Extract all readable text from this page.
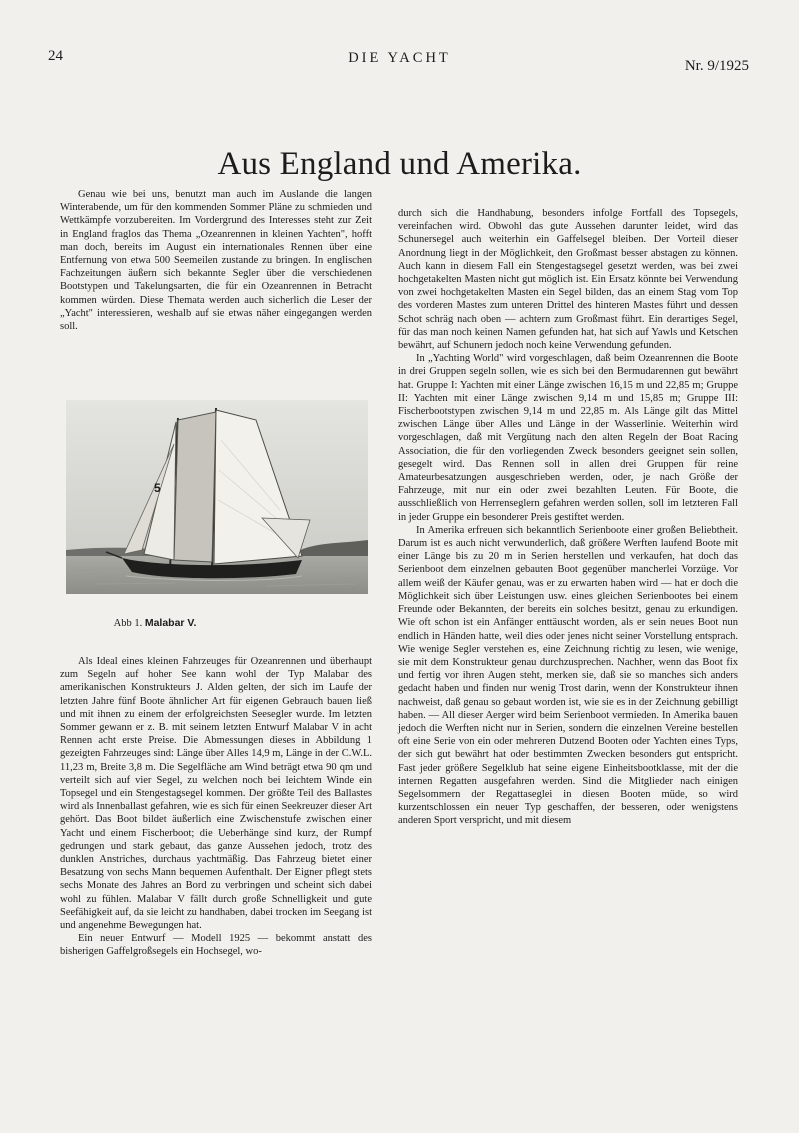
24	DIE YACHT	Nr. 9/1925
Aus England und Amerika.

Genau wie bei uns, benutzt man auch im Auslande die langen Winterabende, um für den kommenden Sommer Pläne zu schmieden und Wettkämpfe vorzubereiten. Im Vordergrund des Interesses steht zur Zeit in England fraglos das Thema „Ozeanrennen in kleinen Yachten", hofft man doch, bereits im August ein internationales Rennen über eine Entfernung von etwa 500 Seemeilen zustande zu bringen. In englischen Fachzeitungen äußern sich bekannte Segler über die verschiedenen Bootstypen und Takelungsarten, die für ein Ozeanrennen in Betracht kommen würden. Diese Themata werden auch sicherlich die Leser der „Yacht" interessieren, weshalb auf sie etwas näher eingegangen werden soll.

5
Abb 1. Malabar V.

Als Ideal eines kleinen Fahrzeuges für Ozeanrennen und überhaupt zum Segeln auf hoher See kann wohl der Typ Malabar des amerikanischen Konstrukteurs J. Alden gelten, der sich im Laufe der letzten Jahre fünf Boote ähnlicher Art für eigenen Gebrauch bauen ließ und mit ihnen zu einem der erfolgreichsten Seesegler wurde. Im letzten Sommer gewann er z. B. mit seinem letzten Entwurf Malabar V in acht Rennen acht erste Preise. Die Abmessungen dieses in Abbildung 1 gezeigten Fahrzeuges sind: Länge über Alles 14,9 m, Länge in der C.W.L. 11,23 m, Breite 3,8 m. Die Segelfläche am Wind beträgt etwa 90 qm und verteilt sich auf vier Segel, zu welchen noch bei leichtem Winde ein Topsegel und ein Stengestagsegel kommen. Der größte Teil des Ballastes wird als Innenballast gefahren, wie es sich für einen Seekreuzer dieser Art gehört. Das Boot bildet äußerlich eine Zwischenstufe zwischen einer Yacht und einem Fischerboot; die Ueberhänge sind kurz, der Rumpf gedrungen und stark gebaut, das ganze Aussehen jedoch, trotz des dunklen Anstriches, durchaus yachtmäßig. Das Fahrzeug bietet einer Besatzung von sechs Mann bequemen Aufenthalt. Der Eigner pflegt stets sechs Monate des Jahres an Bord zu verbringen und scheint sich dabei wohl zu fühlen. Malabar V fällt durch große Schnelligkeit und gute Seefähigkeit auf, da sie leicht zu handhaben, dabei trocken im Seegang ist und angenehme Bewegungen hat.

Ein neuer Entwurf — Modell 1925 — bekommt anstatt des bisherigen Gaffelgroßsegels ein Hochsegel, wo-

durch sich die Handhabung, besonders infolge Fortfall des Topsegels, vereinfachen wird. Obwohl das gute Aussehen darunter leidet, wird das Schunersegel auch weiterhin ein Gaffelsegel bleiben. Der Vorteil dieser Anordnung liegt in der Möglichkeit, den Großmast besser abstagen zu können. Auch kann in diesem Fall ein Stengestagsegel gesetzt werden, was bei zwei hochgetakelten Masten nicht gut möglich ist. Ein Ersatz könnte bei Verwendung von zwei hochgetakelten Masten ein Segel bilden, das an einem Stag vom Top des vorderen Mastes zum unteren Drittel des hinteren Mastes führt und dessen Schot schräg nach oben — achtern zum Großmast führt. Ein derartiges Segel, für das man noch keinen Namen gefunden hat, hat sich auf Yawls und Ketschen bewährt, auf Schunern jedoch noch keine Verwendung gefunden.

In „Yachting World" wird vorgeschlagen, daß beim Ozeanrennen die Boote in drei Gruppen segeln sollen, wie es sich bei den Bermudarennen gut bewährt hat. Gruppe I: Yachten mit einer Länge zwischen 16,15 m und 22,85 m; Gruppe II: Yachten mit einer Länge zwischen 9,14 m und 15,85 m; Gruppe III: Fischerbootstypen zwischen 9,14 m und 22,85 m. Als Länge gilt das Mittel zwischen Länge über Alles und Länge in der Wasserlinie. Weiterhin wird vorgeschlagen, daß mit Vergütung nach den alten Regeln der Boat Racing Association, die für den vorliegenden Zweck besonders geeignet sein sollen, gesegelt wird. Das Rennen soll in allen drei Gruppen für reine Amateurbesatzungen ausgeschrieben werden, oder, je nach Größe der Fahrzeuge, mit nur ein oder zwei bezahlten Leuten. Für Boote, die ausschließlich von Herrenseglern gefahren werden sollen, soll im letzteren Fall in jeder Gruppe ein besonderer Preis gestiftet werden.

In Amerika erfreuen sich bekanntlich Serienboote einer großen Beliebtheit. Darum ist es auch nicht verwunderlich, daß größere Werften laufend Boote mit einer Länge bis zu 20 m in Serien herstellen und verkaufen, hat doch das Serienboot dem einzelnen gebauten Boot gegenüber mancherlei Vorzüge. Vor allem weiß der Käufer genau, was er zu erwarten haben wird — hat er doch die Möglichkeit sich über Leistungen usw. eines gleichen Serienbootes bei einem Freunde oder Bekannten, der bereits ein solches besitzt, genau zu erkundigen. Wie oft schon ist ein Anfänger enttäuscht worden, als er sein neues Boot nun endlich in Händen hatte, weil dies oder jenes nicht seiner Vorstellung entsprach. Wie wenige Segler verstehen es, eine Zeichnung richtig zu lesen, wie wenige, sie mit dem Konstrukteur genau durchzusprechen. Nachher, wenn das Boot fix und fertig vor ihren Augen steht, merken sie, daß sie so manches sich anders gedacht haben und finden nur wenig Trost darin, wenn der Konstrukteur ihnen nachweist, daß genau so gebaut worden ist, wie sie es in der Zeichnung gebilligt haben. — All dieser Aerger wird beim Serienboot vermieden. In Amerika bauen jedoch die Werften nicht nur in Serien, sondern die einzelnen Vereine bestellen oft eine Serie von ein oder mehreren Dutzend Booten oder Yachten eines Typs, der sich gut bewährt hat oder bestimmten Zwecken besonders gut entspricht. Fast jeder größere Segelklub hat seine eigene Einheitsbootklasse, mit der die internen Regatten ausgefahren werden. Sind die Mitglieder nach einigen Segelsommern der Regattaseglei in diesen Booten müde, so wird kurzentschlossen ein neuer Typ geschaffen, der besseren, oder wenigstens anderen Sport verspricht, und mit diesem
